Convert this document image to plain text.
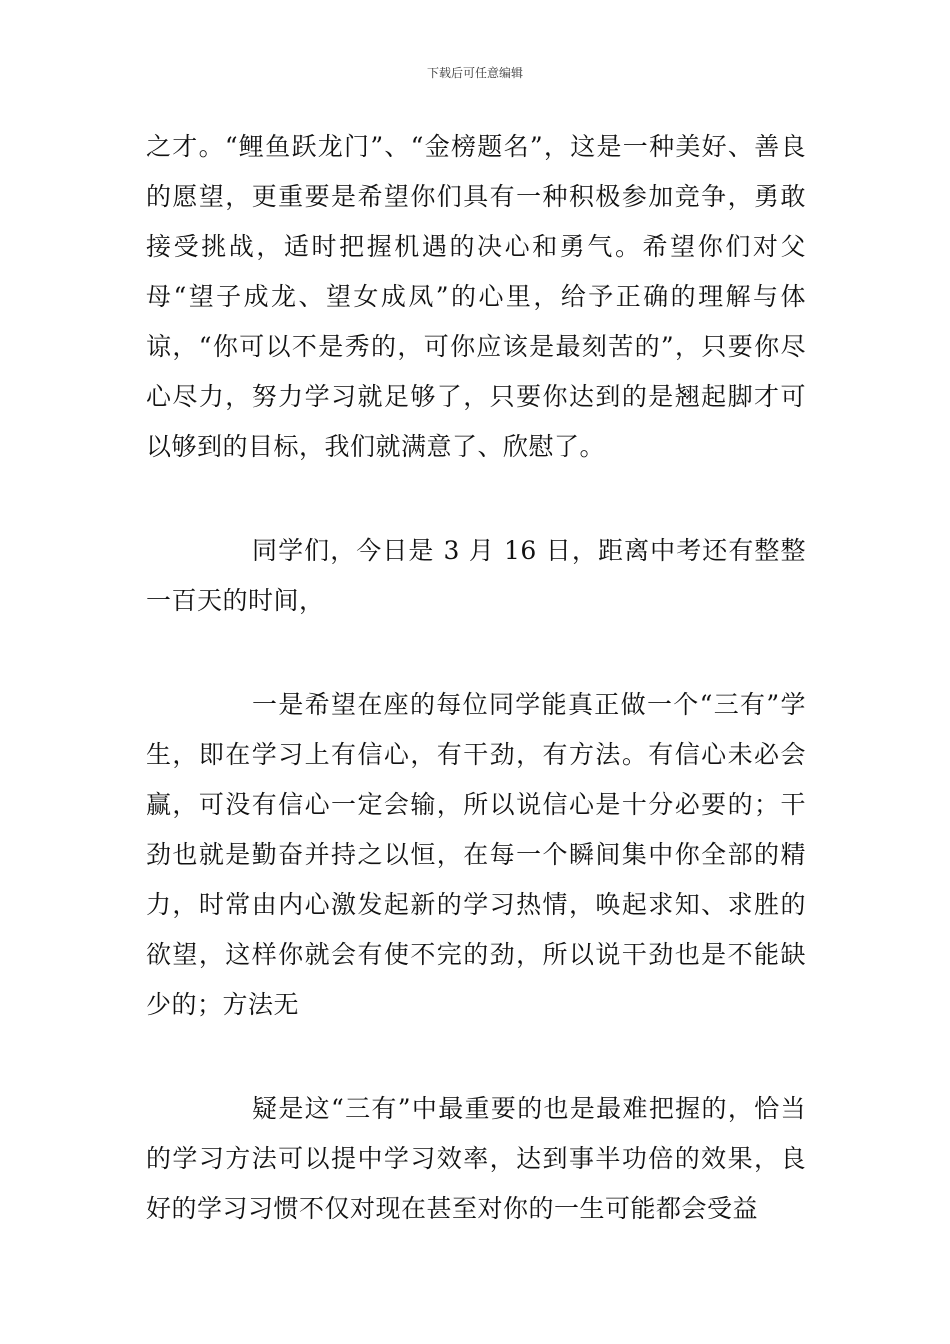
下载后可任意编辑

之才。“鲤鱼跃龙门”、“金榜题名”，这是一种美好、善良的愿望，更重要是希望你们具有一种积极参加竞争，勇敢接受挑战，适时把握机遇的决心和勇气。希望你们对父母“望子成龙、望女成凤”的心里，给予正确的理解与体谅，“你可以不是秀的，可你应该是最刻苦的”，只要你尽心尽力，努力学习就足够了，只要你达到的是翘起脚才可以够到的目标，我们就满意了、欣慰了。

同学们，今日是 3 月 16 日，距离中考还有整整一百天的时间，

一是希望在座的每位同学能真正做一个“三有”学生，即在学习上有信心，有干劲，有方法。有信心未必会赢，可没有信心一定会输，所以说信心是十分必要的；干劲也就是勤奋并持之以恒，在每一个瞬间集中你全部的精力，时常由内心激发起新的学习热情，唤起求知、求胜的欲望，这样你就会有使不完的劲，所以说干劲也是不能缺少的；方法无

疑是这“三有”中最重要的也是最难把握的，恰当的学习方法可以提中学习效率，达到事半功倍的效果，良好的学习习惯不仅对现在甚至对你的一生可能都会受益
